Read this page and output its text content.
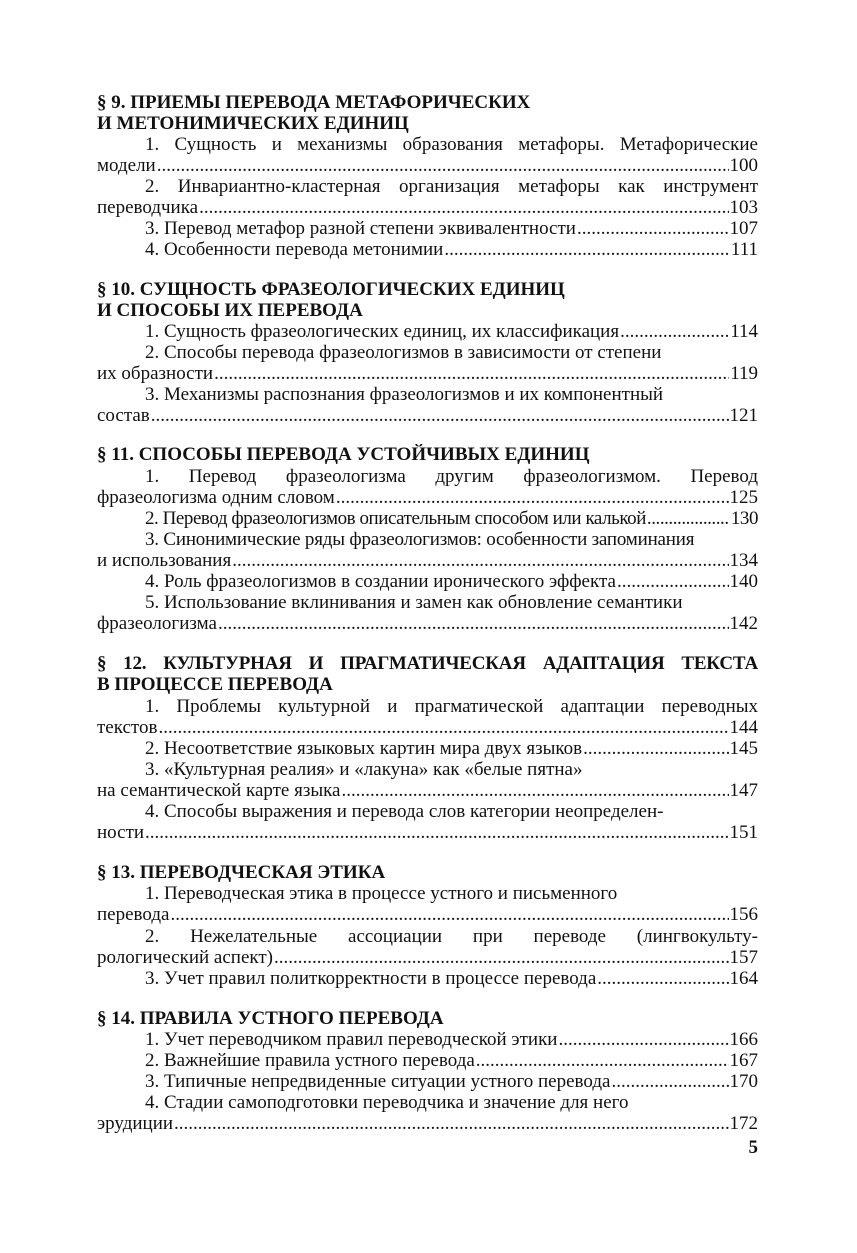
§ 9. ПРИЕМЫ ПЕРЕВОДА МЕТАФОРИЧЕСКИХ
И МЕТОНИМИЧЕСКИХ ЕДИНИЦ
1. Сущность и механизмы образования метафоры. Метафорические
модели .....	100
2. Инвариантно-кластерная организация метафоры как инструмент
переводчика .....	103
3. Перевод метафор разной степени эквивалентности .....	107
4. Особенности перевода метонимии .....	111
§ 10. СУЩНОСТЬ ФРАЗЕОЛОГИЧЕСКИХ ЕДИНИЦ
И СПОСОБЫ ИХ ПЕРЕВОДА
1. Сущность фразеологических единиц, их классификация .....	114
2. Способы перевода фразеологизмов в зависимости от степени
их образности .....	119
3. Механизмы распознания фразеологизмов и их компонентный
состав .....	121
§ 11. СПОСОБЫ ПЕРЕВОДА УСТОЙЧИВЫХ ЕДИНИЦ
1. Перевод фразеологизма другим фразеологизмом. Перевод
фразеологизма одним словом .....	125
2. Перевод фразеологизмов описательным способом или калькой .....	130
3. Синонимические ряды фразеологизмов: особенности запоминания
и использования .....	134
4. Роль фразеологизмов в создании иронического эффекта .....	140
5. Использование вклинивания и замен как обновление семантики
фразеологизма .....	142
§ 12. КУЛЬТУРНАЯ И ПРАГМАТИЧЕСКАЯ АДАПТАЦИЯ ТЕКСТА
В ПРОЦЕССЕ ПЕРЕВОДА
1. Проблемы культурной и прагматической адаптации переводных
текстов .....	144
2. Несоответствие языковых картин мира двух языков .....	145
3. «Культурная реалия» и «лакуна» как «белые пятна»
на семантической карте языка .....	147
4. Способы выражения и перевода слов категории неопределен-
ности .....	151
§ 13. ПЕРЕВОДЧЕСКАЯ ЭТИКА
1. Переводческая этика в процессе устного и письменного
перевода .....	156
2. Нежелательные ассоциации при переводе (лингвокульту-
рологический аспект) .....	157
3. Учет правил политкорректности в процессе перевода .....	164
§ 14. ПРАВИЛА УСТНОГО ПЕРЕВОДА
1. Учет переводчиком правил переводческой этики .....	166
2. Важнейшие правила устного перевода .....	167
3. Типичные непредвиденные ситуации устного перевода .....	170
4. Стадии самоподготовки переводчика и значение для него
эрудиции .....	172
5
